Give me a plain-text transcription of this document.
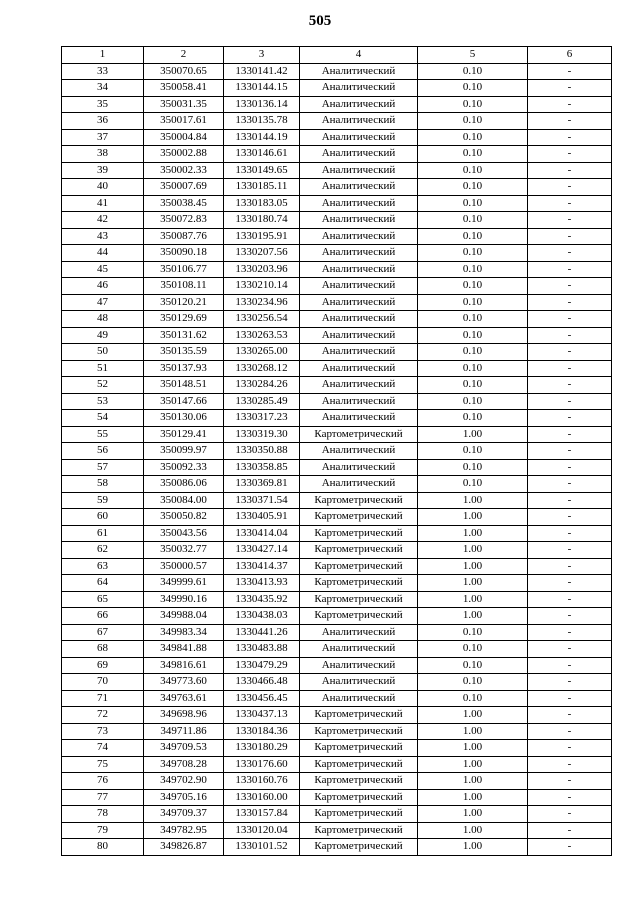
505
1	2	3	4	5	6
33	350070.65	1330141.42	Аналитический	0.10	-
34	350058.41	1330144.15	Аналитический	0.10	-
35	350031.35	1330136.14	Аналитический	0.10	-
36	350017.61	1330135.78	Аналитический	0.10	-
37	350004.84	1330144.19	Аналитический	0.10	-
38	350002.88	1330146.61	Аналитический	0.10	-
39	350002.33	1330149.65	Аналитический	0.10	-
40	350007.69	1330185.11	Аналитический	0.10	-
41	350038.45	1330183.05	Аналитический	0.10	-
42	350072.83	1330180.74	Аналитический	0.10	-
43	350087.76	1330195.91	Аналитический	0.10	-
44	350090.18	1330207.56	Аналитический	0.10	-
45	350106.77	1330203.96	Аналитический	0.10	-
46	350108.11	1330210.14	Аналитический	0.10	-
47	350120.21	1330234.96	Аналитический	0.10	-
48	350129.69	1330256.54	Аналитический	0.10	-
49	350131.62	1330263.53	Аналитический	0.10	-
50	350135.59	1330265.00	Аналитический	0.10	-
51	350137.93	1330268.12	Аналитический	0.10	-
52	350148.51	1330284.26	Аналитический	0.10	-
53	350147.66	1330285.49	Аналитический	0.10	-
54	350130.06	1330317.23	Аналитический	0.10	-
55	350129.41	1330319.30	Картометрический	1.00	-
56	350099.97	1330350.88	Аналитический	0.10	-
57	350092.33	1330358.85	Аналитический	0.10	-
58	350086.06	1330369.81	Аналитический	0.10	-
59	350084.00	1330371.54	Картометрический	1.00	-
60	350050.82	1330405.91	Картометрический	1.00	-
61	350043.56	1330414.04	Картометрический	1.00	-
62	350032.77	1330427.14	Картометрический	1.00	-
63	350000.57	1330414.37	Картометрический	1.00	-
64	349999.61	1330413.93	Картометрический	1.00	-
65	349990.16	1330435.92	Картометрический	1.00	-
66	349988.04	1330438.03	Картометрический	1.00	-
67	349983.34	1330441.26	Аналитический	0.10	-
68	349841.88	1330483.88	Аналитический	0.10	-
69	349816.61	1330479.29	Аналитический	0.10	-
70	349773.60	1330466.48	Аналитический	0.10	-
71	349763.61	1330456.45	Аналитический	0.10	-
72	349698.96	1330437.13	Картометрический	1.00	-
73	349711.86	1330184.36	Картометрический	1.00	-
74	349709.53	1330180.29	Картометрический	1.00	-
75	349708.28	1330176.60	Картометрический	1.00	-
76	349702.90	1330160.76	Картометрический	1.00	-
77	349705.16	1330160.00	Картометрический	1.00	-
78	349709.37	1330157.84	Картометрический	1.00	-
79	349782.95	1330120.04	Картометрический	1.00	-
80	349826.87	1330101.52	Картометрический	1.00	-
